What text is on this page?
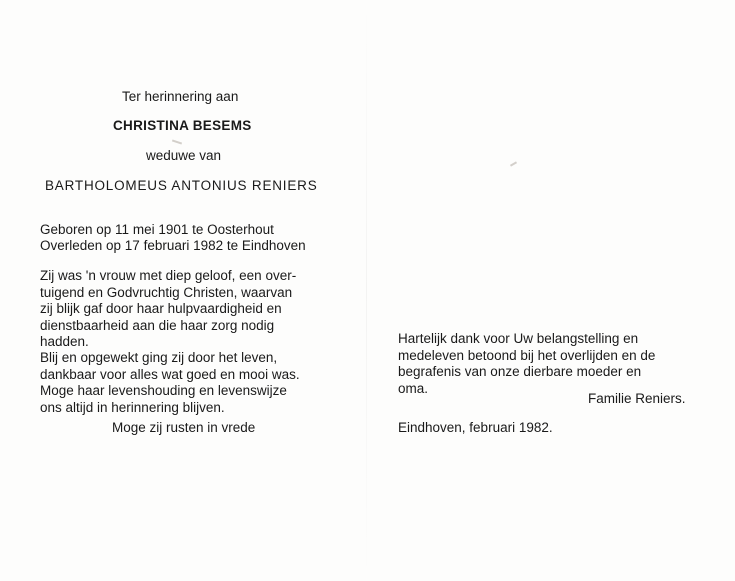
Ter herinnering aan
CHRISTINA BESEMS
weduwe van
BARTHOLOMEUS ANTONIUS RENIERS
Geboren op 11 mei 1901 te Oosterhout
Overleden op 17 februari 1982 te Eindhoven
Zij was 'n vrouw met diep geloof, een over-
tuigend en Godvruchtig Christen, waarvan
zij blijk gaf door haar hulpvaardigheid en
dienstbaarheid aan die haar zorg nodig
hadden.
Blij en opgewekt ging zij door het leven,
dankbaar voor alles wat goed en mooi was.
Moge haar levenshouding en levenswijze
ons altijd in herinnering blijven.
Moge zij rusten in vrede
Hartelijk dank voor Uw belangstelling en
medeleven betoond bij het overlijden en de
begrafenis van onze dierbare moeder en
oma.
Familie Reniers.
Eindhoven, februari 1982.
